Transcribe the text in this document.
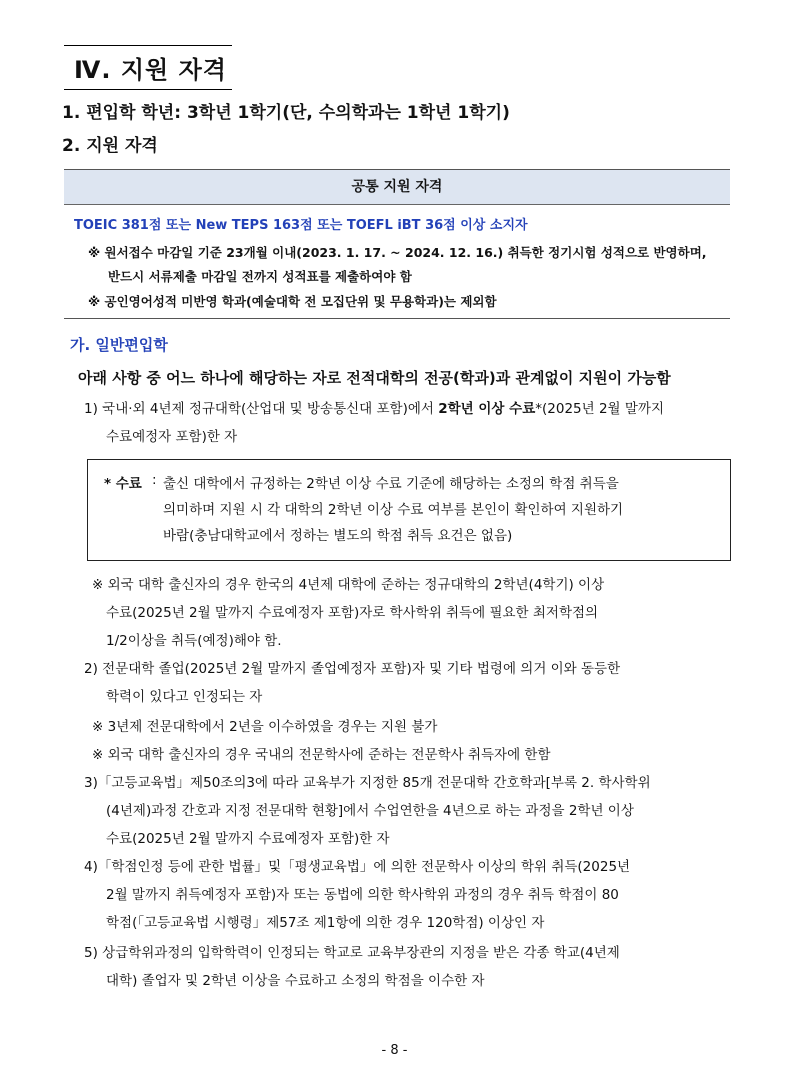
Ⅳ. 지원 자격
1. 편입학 학년: 3학년 1학기(단, 수의학과는 1학년 1학기)
2. 지원 자격
공통 지원 자격
TOEIC 381점 또는 New TEPS 163점 또는 TOEFL iBT 36점 이상 소지자
※ 원서접수 마감일 기준 23개월 이내(2023. 1. 17. ~ 2024. 12. 16.) 취득한 정기시험 성적으로 반영하며,
반드시 서류제출 마감일 전까지 성적표를 제출하여야 함
※ 공인영어성적 미반영 학과(예술대학 전 모집단위 및 무용학과)는 제외함
가. 일반편입학
아래 사항 중 어느 하나에 해당하는 자로 전적대학의 전공(학과)과 관계없이 지원이 가능함
1) 국내·외 4년제 정규대학(산업대 및 방송통신대 포함)에서 2학년 이상 수료*(2025년 2월 말까지
수료예정자 포함)한 자
* 수료 : 출신 대학에서 규정하는 2학년 이상 수료 기준에 해당하는 소정의 학점 취득을
의미하며 지원 시 각 대학의 2학년 이상 수료 여부를 본인이 확인하여 지원하기
바람(충남대학교에서 정하는 별도의 학점 취득 요건은 없음)
※ 외국 대학 출신자의 경우 한국의 4년제 대학에 준하는 정규대학의 2학년(4학기) 이상
수료(2025년 2월 말까지 수료예정자 포함)자로 학사학위 취득에 필요한 최저학점의
1/2이상을 취득(예정)해야 함.
2) 전문대학 졸업(2025년 2월 말까지 졸업예정자 포함)자 및 기타 법령에 의거 이와 동등한
학력이 있다고 인정되는 자
※ 3년제 전문대학에서 2년을 이수하였을 경우는 지원 불가
※ 외국 대학 출신자의 경우 국내의 전문학사에 준하는 전문학사 취득자에 한함
3)「고등교육법」제50조의3에 따라 교육부가 지정한 85개 전문대학 간호학과[부록 2. 학사학위
(4년제)과정 간호과 지정 전문대학 현황]에서 수업연한을 4년으로 하는 과정을 2학년 이상
수료(2025년 2월 말까지 수료예정자 포함)한 자
4)「학점인정 등에 관한 법률」및「평생교육법」에 의한 전문학사 이상의 학위 취득(2025년
2월 말까지 취득예정자 포함)자 또는 동법에 의한 학사학위 과정의 경우 취득 학점이 80
학점(「고등교육법 시행령」제57조 제1항에 의한 경우 120학점) 이상인 자
5) 상급학위과정의 입학학력이 인정되는 학교로 교육부장관의 지정을 받은 각종 학교(4년제
대학) 졸업자 및 2학년 이상을 수료하고 소정의 학점을 이수한 자
- 8 -
